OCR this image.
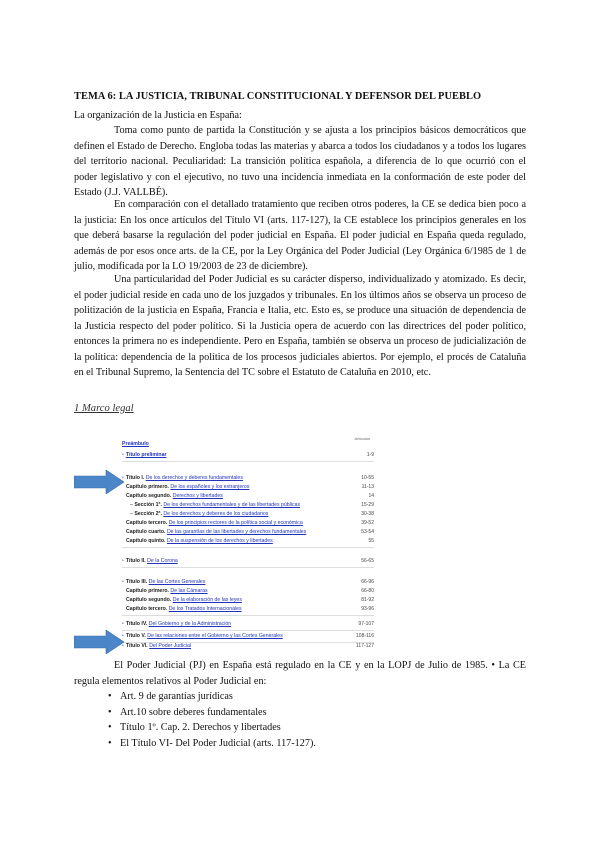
TEMA 6: LA JUSTICIA, TRIBUNAL CONSTITUCIONAL Y DEFENSOR DEL PUEBLO
La organización de la Justicia en España:

Toma como punto de partida la Constitución y se ajusta a los principios básicos democráticos que definen el Estado de Derecho. Engloba todas las materias y abarca a todos los ciudadanos y a todos los lugares del territorio nacional. Peculiaridad: La transición política española, a diferencia de lo que ocurrió con el poder legislativo y con el ejecutivo, no tuvo una incidencia inmediata en la conformación de este poder del Estado (J.J. VALLBÉ).

En comparación con el detallado tratamiento que reciben otros poderes, la CE se dedica bien poco a la justicia: En los once artículos del Título VI (arts. 117-127), la CE establece los principios generales en los que deberá basarse la regulación del poder judicial en España. El poder judicial en España queda regulado, además de por esos once arts. de la CE, por la Ley Orgánica del Poder Judicial (Ley Orgánica 6/1985 de 1 de julio, modificada por la LO 19/2003 de 23 de diciembre).

Una particularidad del Poder Judicial es su carácter disperso, individualizado y atomizado. Es decir, el poder judicial reside en cada uno de los juzgados y tribunales. En los últimos años se observa un proceso de politización de la justicia en España, Francia e Italia, etc. Esto es, se produce una situación de dependencia de la Justicia respecto del poder político. Si la Justicia opera de acuerdo con las directrices del poder político, entonces la primera no es independiente. Pero en España, también se observa un proceso de judicialización de la política: dependencia de la política de los procesos judiciales abiertos. Por ejemplo, el procés de Cataluña en el Tribunal Supremo, la Sentencia del TC sobre el Estatuto de Cataluña en 2010, etc.

1 Marco legal
Artículos
Preámbulo
• Título preliminar	1-9
• Título I. De los derechos y deberes fundamentales	10-55
Capítulo primero. De los españoles y los extranjeros	11-13
Capítulo segundo. Derechos y libertades	14
– Sección 1ª. De los derechos fundamentales y de las libertades públicas	15-29
– Sección 2ª. De los derechos y deberes de los ciudadanos	30-38
Capítulo tercero. De los principios rectores de la política social y económica	39-52
Capítulo cuarto. De las garantías de las libertades y derechos fundamentales	53-54
Capítulo quinto. De la suspensión de los derechos y libertades	55
• Título II. De la Corona	56-65
• Título III. De las Cortes Generales	66-96
Capítulo primero. De las Cámaras	66-80
Capítulo segundo. De la elaboración de las leyes	81-92
Capítulo tercero. De los Tratados Internacionales	93-96
• Título IV. Del Gobierno y de la Administración	97-107
• Título V. De las relaciones entre el Gobierno y las Cortes Generales	108-116
• Título VI. Del Poder Judicial	117-127

El Poder Judicial (PJ) en España está regulado en la CE y en la LOPJ de Julio de 1985. • La CE regula elementos relativos al Poder Judicial en:

• Art. 9 de garantías jurídicas
• Art.10 sobre deberes fundamentales
• Título 1º. Cap. 2. Derechos y libertades
• El Título VI- Del Poder Judicial (arts. 117-127).
